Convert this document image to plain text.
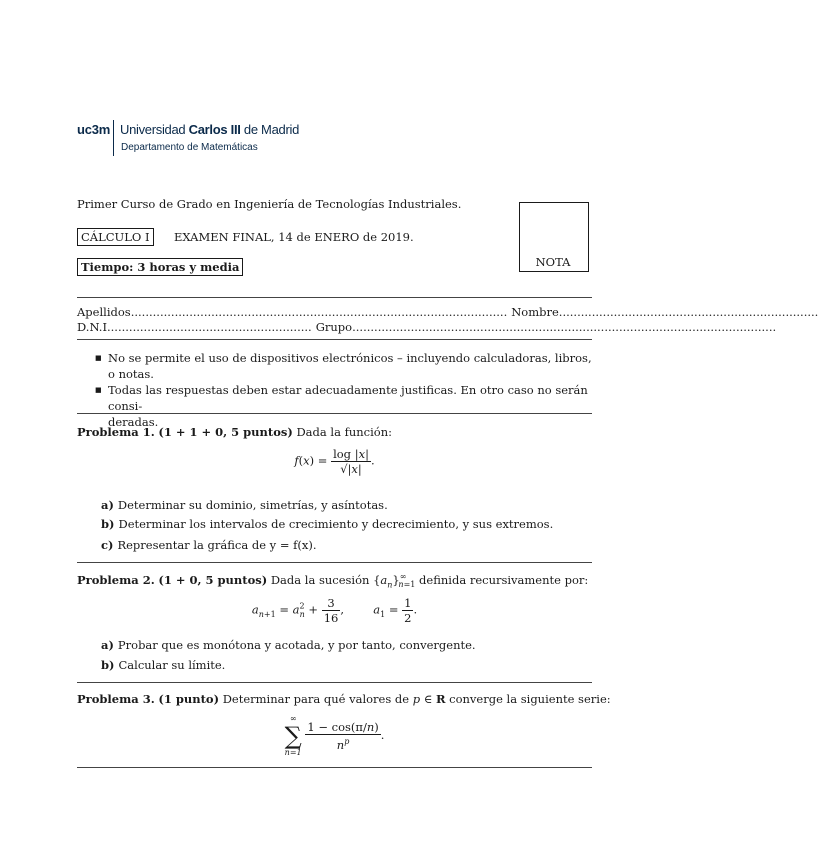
uc3m Universidad Carlos III de Madrid
Departamento de Matemáticas
Primer Curso de Grado en Ingeniería de Tecnologías Industriales.
CÁLCULO I	EXAMEN FINAL, 14 de ENERO de 2019.
Tiempo: 3 horas y media	NOTA
Apellidos ....................................................................................................... Nombre .......................................................................
D.N.I. ....................................................... Grupo ....................................................................................................................
■ No se permite el uso de dispositivos electrónicos – incluyendo calculadoras, libros, o notas.
■ Todas las respuestas deben estar adecuadamente justificas. En otro caso no serán consi-
deradas.
Problema 1. (1 + 1 + 0, 5 puntos) Dada la función:
$f(x) = \frac{\log |x|}{√|x|}$ .
a) Determinar su dominio, simetrías, y asíntotas.
b) Determinar los intervalos de crecimiento y decrecimiento, y sus extremos.
c) Representar la gráfica de y = f(x).
Problema 2. (1 + 0, 5 puntos) Dada la sucesión $\{a_n\}^\infty_{n=1}$ definida recursivamente por:
$a_{n+1} = a^2_n + \frac{3}{16}$ ,        $a_1 = \frac{1}{2}$ .
a) Probar que es monótona y acotada, y por tanto, convergente.
b) Calcular su límite.
Problema 3. (1 punto) Determinar para qué valores de p ∈ R converge la siguiente serie:
∞
∑
n=1

$\frac{1 - \cos(\pi/n)}{n^p}$ .
